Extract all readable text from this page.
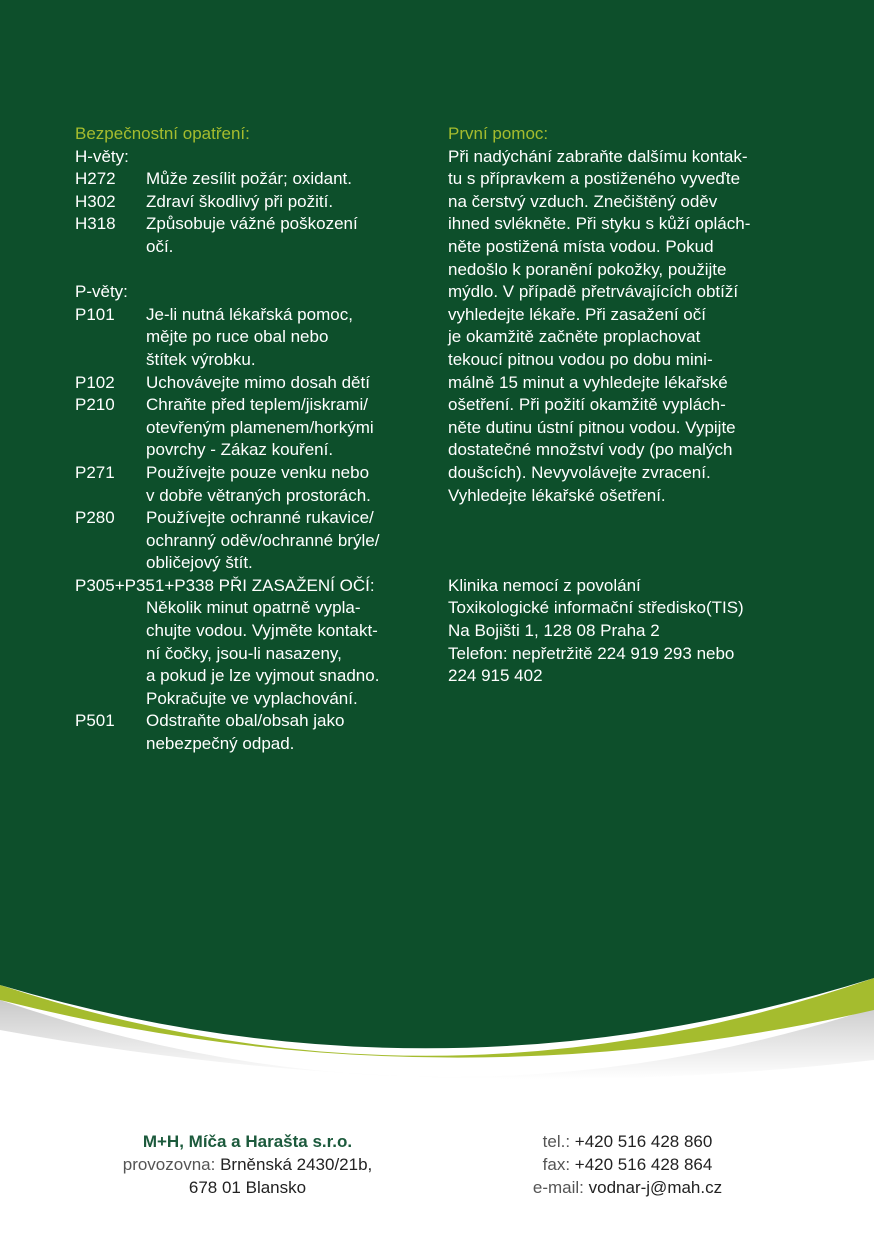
Bezpečnostní opatření:
H-věty:
H272	Může zesílit požár; oxidant.
H302	Zdraví škodlivý při požití.
H318	Způsobuje vážné poškození
očí.
P-věty:
P101	Je-li nutná lékařská pomoc,
mějte po ruce obal nebo
štítek výrobku.
P102	Uchovávejte mimo dosah dětí
P210	Chraňte před teplem/jiskrami/
otevřeným plamenem/horkými
povrchy - Zákaz kouření.
P271	Používejte pouze venku nebo
v dobře větraných prostorách.
P280	Používejte ochranné rukavice/
ochranný oděv/ochranné brýle/
obličejový štít.
P305+P351+P338 PŘI ZASAŽENÍ OČÍ:
Několik minut opatrně vypla-
chujte vodou. Vyjměte kontakt-
ní čočky, jsou-li nasazeny,
a pokud je lze vyjmout snadno.
Pokračujte ve vyplachování.
P501	Odstraňte obal/obsah jako
nebezpečný odpad.
První pomoc:
Při nadýchání zabraňte dalšímu kontak-
tu s přípravkem a postiženého vyveďte
na čerstvý vzduch. Znečištěný oděv
ihned svlékněte. Při styku s kůží oplách-
něte postižená místa vodou. Pokud
nedošlo k poranění pokožky, použijte
mýdlo. V případě přetrvávajících obtíží
vyhledejte lékaře. Při zasažení očí
je okamžitě začněte proplachovat
tekoucí pitnou vodou po dobu mini-
málně 15 minut a vyhledejte lékařské
ošetření. Při požití okamžitě vyplách-
něte dutinu ústní pitnou vodou. Vypijte
dostatečné množství vody (po malých
doušcích). Nevyvolávejte zvracení.
Vyhledejte lékařské ošetření.
Klinika nemocí z povolání
Toxikologické informační středisko(TIS)
Na Bojišti 1, 128 08 Praha 2
Telefon: nepřetržitě 224 919 293 nebo
224 915 402
M+H, Míča a Harašta s.r.o.
provozovna: Brněnská 2430/21b,
678 01 Blansko
tel.: +420 516 428 860
fax: +420 516 428 864
e-mail: vodnar-j@mah.cz
